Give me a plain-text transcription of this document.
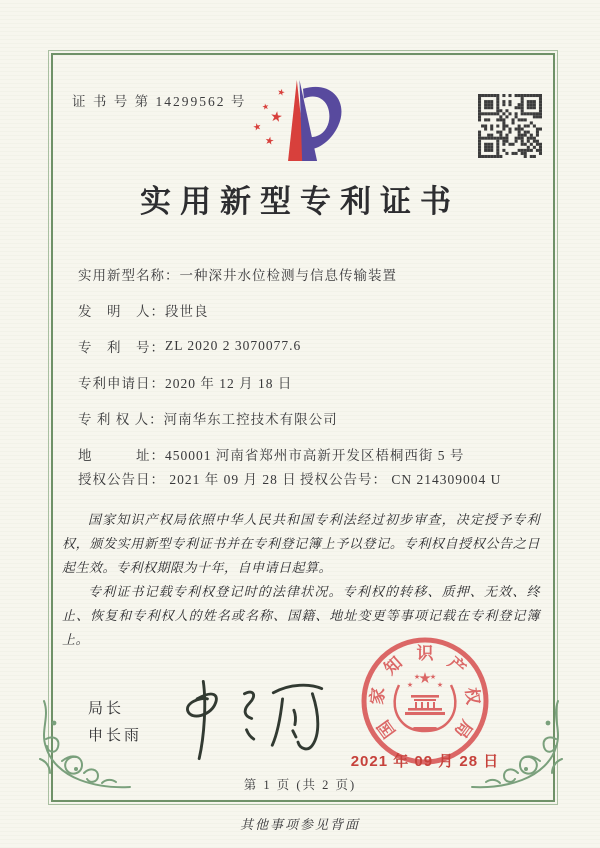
证 书 号 第 14299562 号
★
★
★
★
★
实用新型专利证书
实用新型名称： 一种深井水位检测与信息传输装置
发　明　人： 段世良
专　利　号： ZL 2020 2 3070077.6
专利申请日： 2020 年 12 月 18 日
专 利 权 人： 河南华东工控技术有限公司
地　　　址： 450001 河南省郑州市高新开发区梧桐西街 5 号
授权公告日： 2021 年 09 月 28 日 授权公告号： CN 214309004 U

国家知识产权局依照中华人民共和国专利法经过初步审查，决定授予专利权，颁发实用新型专利证书并在专利登记簿上予以登记。专利权自授权公告之日起生效。专利权期限为十年，自申请日起算。

专利证书记载专利权登记时的法律状况。专利权的转移、质押、无效、终止、恢复和专利权人的姓名或名称、国籍、地址变更等事项记载在专利登记簿上。

局长
申长雨	国
家
知 识 产
权
局
★
★
★ ★
★
2021 年 09 月 28 日
第 1 页 (共 2 页)
其他事项参见背面
